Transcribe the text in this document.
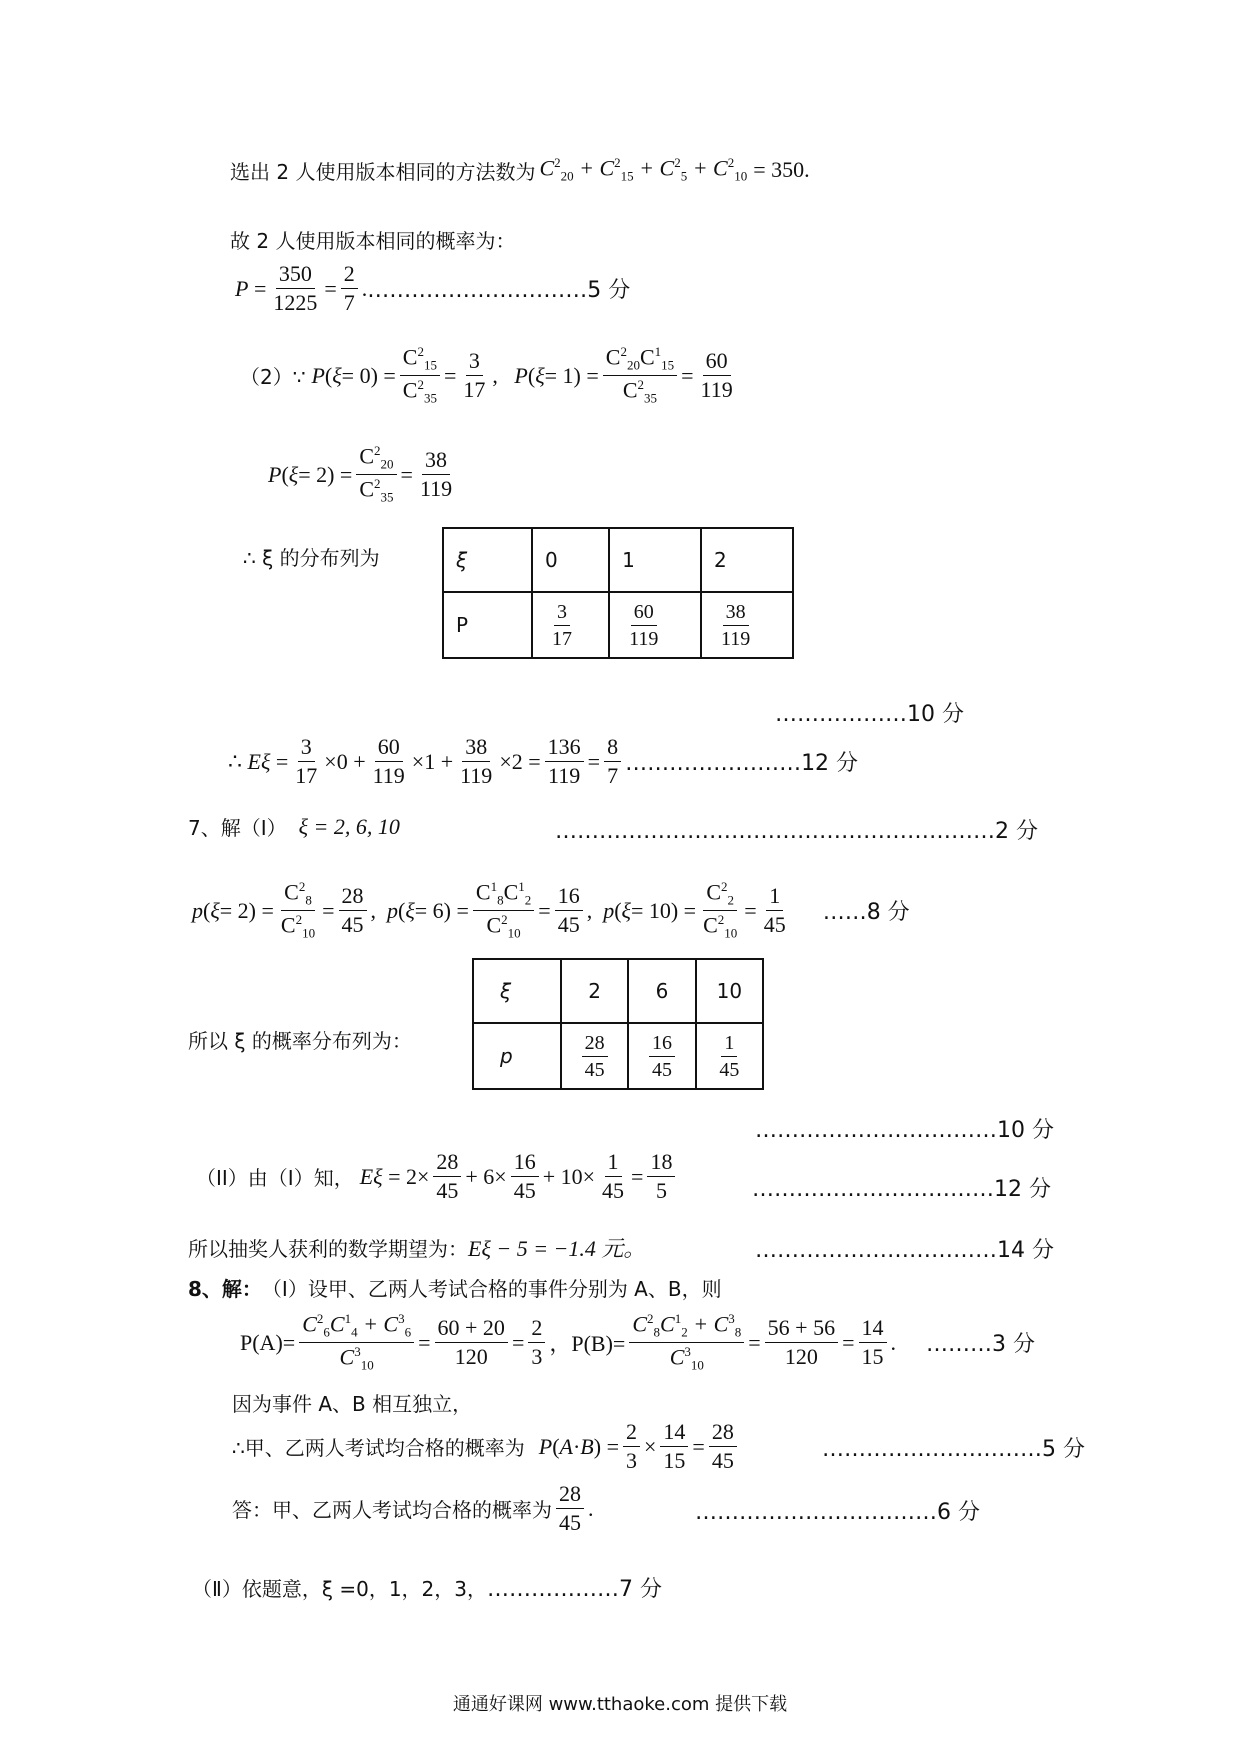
选出 2 人使用版本相同的方法数为 $C^2_{20} + C^2_{15} + C^2_5 + C^2_{10} = 350$.
故 2 人使用版本相同的概率为：
$P = \frac{350}{1225} = \frac{2}{7}$ . …………………………5 分
（2）∵ P ( $\xi = 0) = \frac{C^2_{15}}{C^2_{35}} = \frac{3}{17}$ , P ( $\xi = 1) = \frac{C^2_{20}C^1_{15}}{C^2_{35}} = \frac{60}{119}$
P ( $\xi = 2) = \frac{C^2_{20}}{C^2_{35}} = \frac{38}{119}$
∴ ξ 的分布列为	ξ	0	1	2
P	$\frac{3}{17}$	$\frac{60}{119}$	$\frac{38}{119}$
………………10 分
∴ $E\xi = \frac{3}{17} \times 0 + \frac{60}{119} \times 1 + \frac{38}{119} \times 2 = \frac{136}{119} = \frac{8}{7}$ ……………………12 分
7、解（I） ξ = 2, 6, 10	……………………………………………………2 分
p ( $\xi = 2) = \frac{C^2_8}{C^2_{10}} = \frac{28}{45}$ , p ( $\xi = 6) = \frac{C^1_8C^1_2}{C^2_{10}} = \frac{16}{45}$ , p ( $\xi = 10) = \frac{C^2_2}{C^2_{10}} = \frac{1}{45}$ ……8 分
所以 ξ 的概率分布列为：
ξ	2	6	10
p	$\frac{28}{45}$	$\frac{16}{45}$	$\frac{1}{45}$
……………………………10 分
（II）由（I）知， $E\xi = 2\times \frac{28}{45} + 6\times \frac{16}{45} + 10\times \frac{1}{45} = \frac{18}{5}$	……………………………12 分
所以抽奖人获利的数学期望为： Eξ − 5 = −1.4 元。	……………………………14 分
8、解： （Ⅰ）设甲、乙两人考试合格的事件分别为 A、B，则
$P(A)= \frac{C^2_6C^1_4 + C^3_6}{C^3_{10}} = \frac{60 + 20}{120} = \frac{2}{3}$ ，$P(B)= \frac{C^2_8C^1_2 + C^3_8}{C^3_{10}} = \frac{56 + 56}{120} = \frac{14}{15}$ . ………3 分
因为事件 A、B 相互独立，
∴甲、乙两人考试均合格的概率为 P ( A · B ) = $\frac{2}{3} \times \frac{14}{15} = \frac{28}{45}$	…………………………5 分
答：甲、乙两人考试均合格的概率为 $\frac{28}{45}$ .	……………………………6 分
（Ⅱ）依题意，ξ =0，1，2，3， ………………7 分
通通好课网 www.tthaoke.com 提供下载
